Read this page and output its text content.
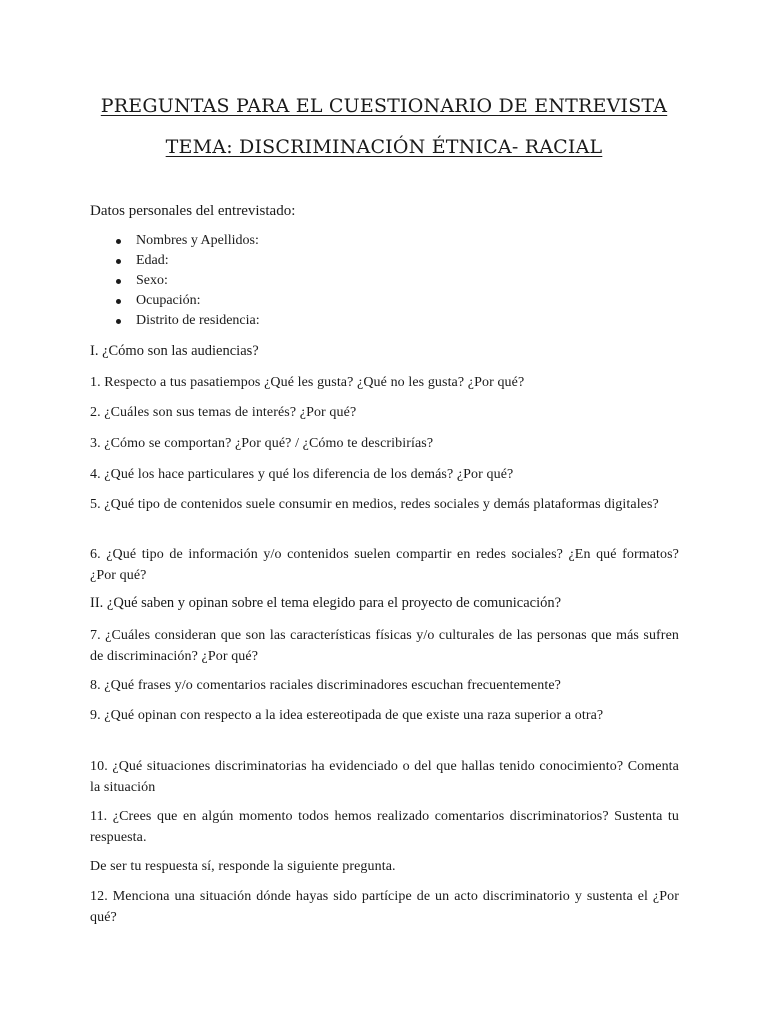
PREGUNTAS PARA EL CUESTIONARIO DE ENTREVISTA
TEMA: DISCRIMINACIÓN ÉTNICA- RACIAL

Datos personales del entrevistado:

Nombres y Apellidos:
Edad:
Sexo:
Ocupación:
Distrito de residencia:

I. ¿Cómo son las audiencias?

1. Respecto a tus pasatiempos ¿Qué les gusta? ¿Qué no les gusta? ¿Por qué?

2. ¿Cuáles son sus temas de interés? ¿Por qué?

3. ¿Cómo se comportan? ¿Por qué? / ¿Cómo te describirías?

4. ¿Qué los hace particulares y qué los diferencia de los demás? ¿Por qué?

5. ¿Qué tipo de contenidos suele consumir en medios, redes sociales y demás plataformas digitales?

6. ¿Qué tipo de información y/o contenidos suelen compartir en redes sociales? ¿En qué formatos? ¿Por qué?

II. ¿Qué saben y opinan sobre el tema elegido para el proyecto de comunicación?

7. ¿Cuáles consideran que son las características físicas y/o culturales de las personas que más sufren de discriminación? ¿Por qué?

8. ¿Qué frases y/o comentarios raciales discriminadores escuchan frecuentemente?

9. ¿Qué opinan con respecto a la idea estereotipada de que existe una raza superior a otra?

10. ¿Qué situaciones discriminatorias ha evidenciado o del que hallas tenido conocimiento? Comenta la situación

11. ¿Crees que en algún momento todos hemos realizado comentarios discriminatorios? Sustenta tu respuesta.

De ser tu respuesta sí, responde la siguiente pregunta.

12. Menciona una situación dónde hayas sido partícipe de un acto discriminatorio y sustenta el ¿Por qué?
